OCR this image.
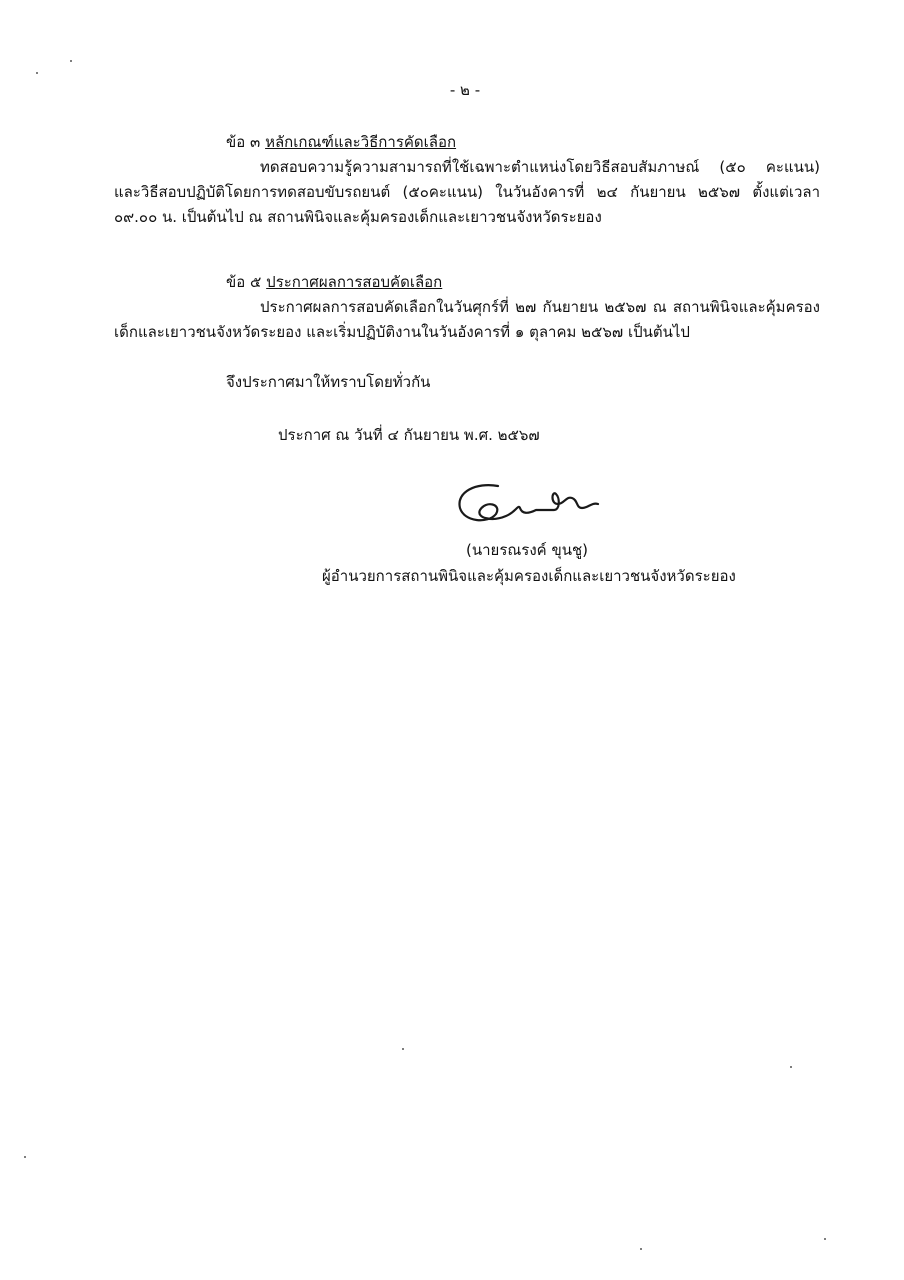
- ๒ -
ข้อ ๓ หลักเกณฑ์และวิธีการคัดเลือก

ทดสอบความรู้ความสามารถที่ใช้เฉพาะตำแหน่งโดยวิธีสอบสัมภาษณ์ (๕๐ คะแนน) และวิธีสอบปฏิบัติโดยการทดสอบขับรถยนต์ (๕๐คะแนน) ในวันอังคารที่ ๒๔ กันยายน ๒๕๖๗ ตั้งแต่เวลา ๐๙.๐๐ น. เป็นต้นไป ณ สถานพินิจและคุ้มครองเด็กและเยาวชนจังหวัดระยอง

ข้อ ๕ ประกาศผลการสอบคัดเลือก

ประกาศผลการสอบคัดเลือกในวันศุกร์ที่ ๒๗ กันยายน ๒๕๖๗ ณ สถานพินิจและคุ้มครองเด็กและเยาวชนจังหวัดระยอง และเริ่มปฏิบัติงานในวันอังคารที่ ๑ ตุลาคม ๒๕๖๗ เป็นต้นไป

จึงประกาศมาให้ทราบโดยทั่วกัน
ประกาศ ณ วันที่ ๔ กันยายน พ.ศ. ๒๕๖๗
(นายรณรงค์ ขุนชู)
ผู้อำนวยการสถานพินิจและคุ้มครองเด็กและเยาวชนจังหวัดระยอง
